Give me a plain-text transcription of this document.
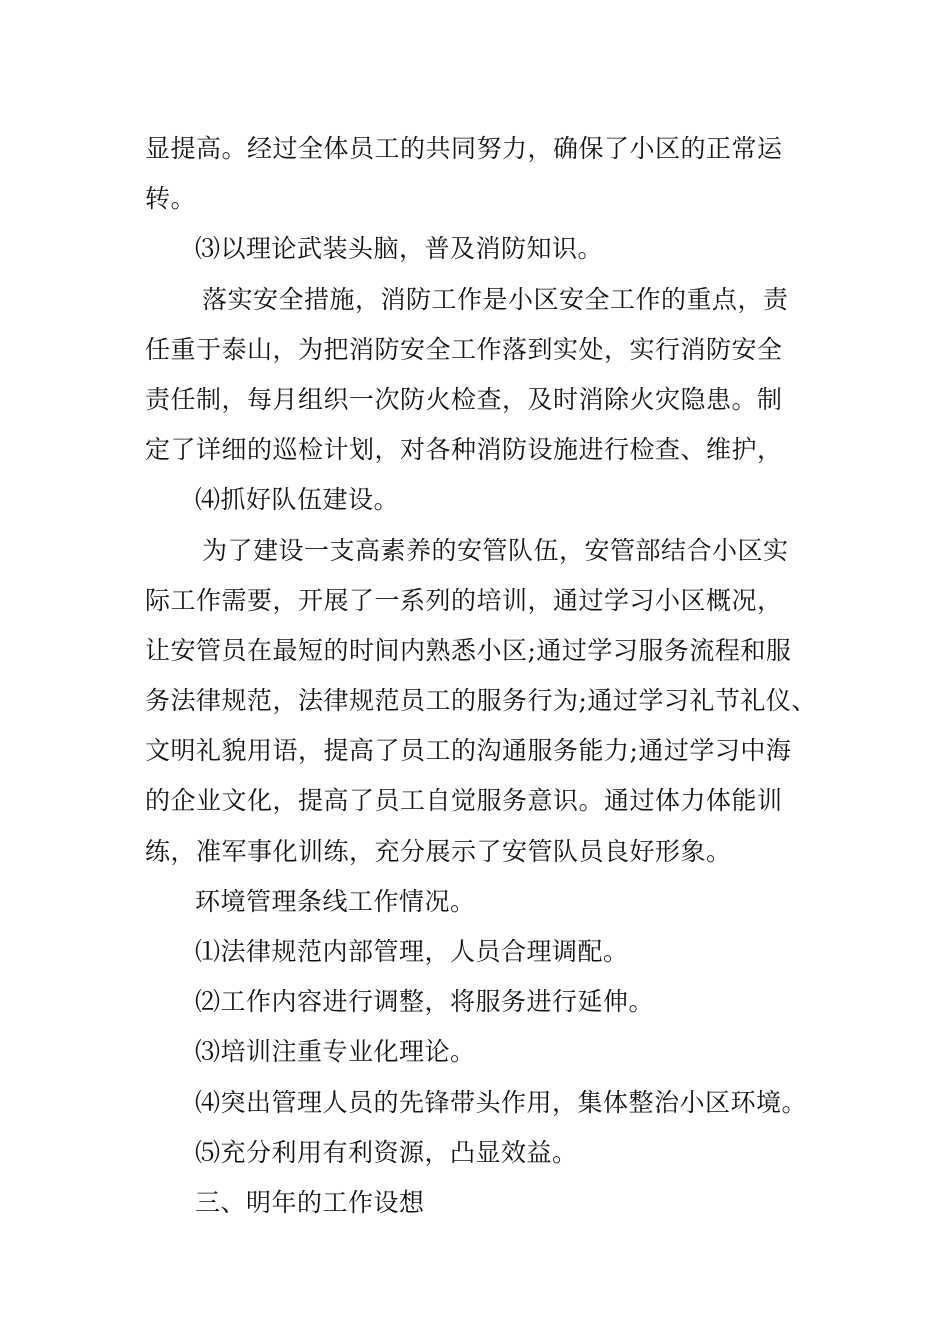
显提高。经过全体员工的共同努力，确保了小区的正常运
转。
⑶以理论武装头脑，普及消防知识。
落实安全措施，消防工作是小区安全工作的重点，责
任重于泰山，为把消防安全工作落到实处，实行消防安全
责任制，每月组织一次防火检查，及时消除火灾隐患。制
定了详细的巡检计划，对各种消防设施进行检查、维护，
⑷抓好队伍建设。
为了建设一支高素养的安管队伍，安管部结合小区实
际工作需要，开展了一系列的培训，通过学习小区概况，
让安管员在最短的时间内熟悉小区;通过学习服务流程和服
务法律规范，法律规范员工的服务行为;通过学习礼节礼仪、
文明礼貌用语，提高了员工的沟通服务能力;通过学习中海
的企业文化，提高了员工自觉服务意识。通过体力体能训
练，准军事化训练，充分展示了安管队员良好形象。
环境管理条线工作情况。
⑴法律规范内部管理，人员合理调配。
⑵工作内容进行调整，将服务进行延伸。
⑶培训注重专业化理论。
⑷突出管理人员的先锋带头作用，集体整治小区环境。
⑸充分利用有利资源，凸显效益。
三、明年的工作设想
